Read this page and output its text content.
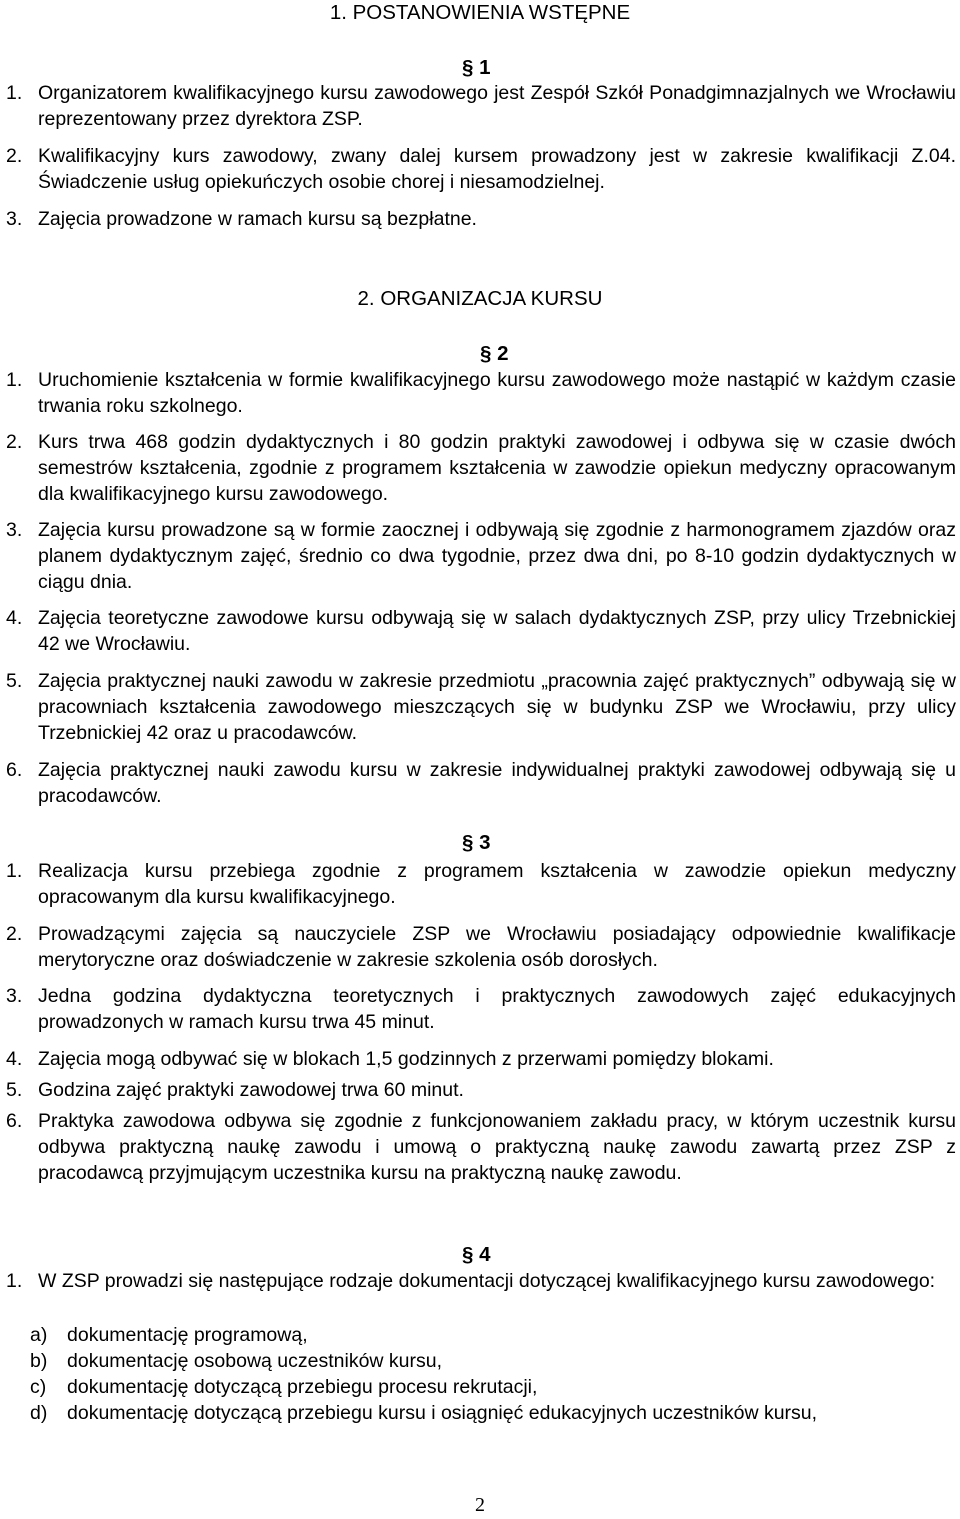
1. POSTANOWIENIA WSTĘPNE
§ 1
1. Organizatorem kwalifikacyjnego kursu zawodowego jest Zespół Szkół Ponadgimnazjalnych we Wrocławiu reprezentowany przez dyrektora ZSP.
2. Kwalifikacyjny kurs zawodowy, zwany dalej kursem prowadzony jest w zakresie kwalifikacji Z.04. Świadczenie usług opiekuńczych osobie chorej i niesamodzielnej.
3. Zajęcia prowadzone w ramach kursu są bezpłatne.
2. ORGANIZACJA KURSU
§ 2
1. Uruchomienie kształcenia w formie kwalifikacyjnego kursu zawodowego może nastąpić w każdym czasie trwania roku szkolnego.
2. Kurs trwa 468 godzin dydaktycznych i 80 godzin praktyki zawodowej i odbywa się w czasie dwóch semestrów kształcenia, zgodnie z programem kształcenia w zawodzie opiekun medyczny opracowanym dla kwalifikacyjnego kursu zawodowego.
3. Zajęcia kursu prowadzone są w formie zaocznej i odbywają się zgodnie z harmonogramem zjazdów oraz planem dydaktycznym zajęć, średnio co dwa tygodnie, przez dwa dni, po 8-10 godzin dydaktycznych w ciągu dnia.
4. Zajęcia teoretyczne zawodowe kursu odbywają się w salach dydaktycznych ZSP, przy ulicy Trzebnickiej 42 we Wrocławiu.
5. Zajęcia praktycznej nauki zawodu w zakresie przedmiotu „pracownia zajęć praktycznych” odbywają się w pracowniach kształcenia zawodowego mieszczących się w budynku ZSP we Wrocławiu, przy ulicy Trzebnickiej 42 oraz u pracodawców.
6. Zajęcia praktycznej nauki zawodu kursu w zakresie indywidualnej praktyki zawodowej odbywają się u pracodawców.
§ 3
1. Realizacja kursu przebiega zgodnie z programem kształcenia w zawodzie opiekun medyczny opracowanym dla kursu kwalifikacyjnego.
2. Prowadzącymi zajęcia są nauczyciele ZSP we Wrocławiu posiadający odpowiednie kwalifikacje merytoryczne oraz doświadczenie w zakresie szkolenia osób dorosłych.
3. Jedna godzina dydaktyczna teoretycznych i praktycznych zawodowych zajęć edukacyjnych prowadzonych w ramach kursu trwa 45 minut.
4. Zajęcia mogą odbywać się w blokach 1,5 godzinnych z przerwami pomiędzy blokami.
5. Godzina zajęć praktyki zawodowej trwa 60 minut.
6. Praktyka zawodowa odbywa się zgodnie z funkcjonowaniem zakładu pracy, w którym uczestnik kursu odbywa praktyczną naukę zawodu i umową o praktyczną naukę zawodu zawartą przez ZSP z pracodawcą przyjmującym uczestnika kursu na praktyczną naukę zawodu.
§ 4
1. W ZSP prowadzi się następujące rodzaje dokumentacji dotyczącej kwalifikacyjnego kursu zawodowego:
a) dokumentację programową,
b) dokumentację osobową uczestników kursu,
c) dokumentację dotyczącą przebiegu procesu rekrutacji,
d) dokumentację dotyczącą przebiegu kursu i osiągnięć edukacyjnych uczestników kursu,
2
